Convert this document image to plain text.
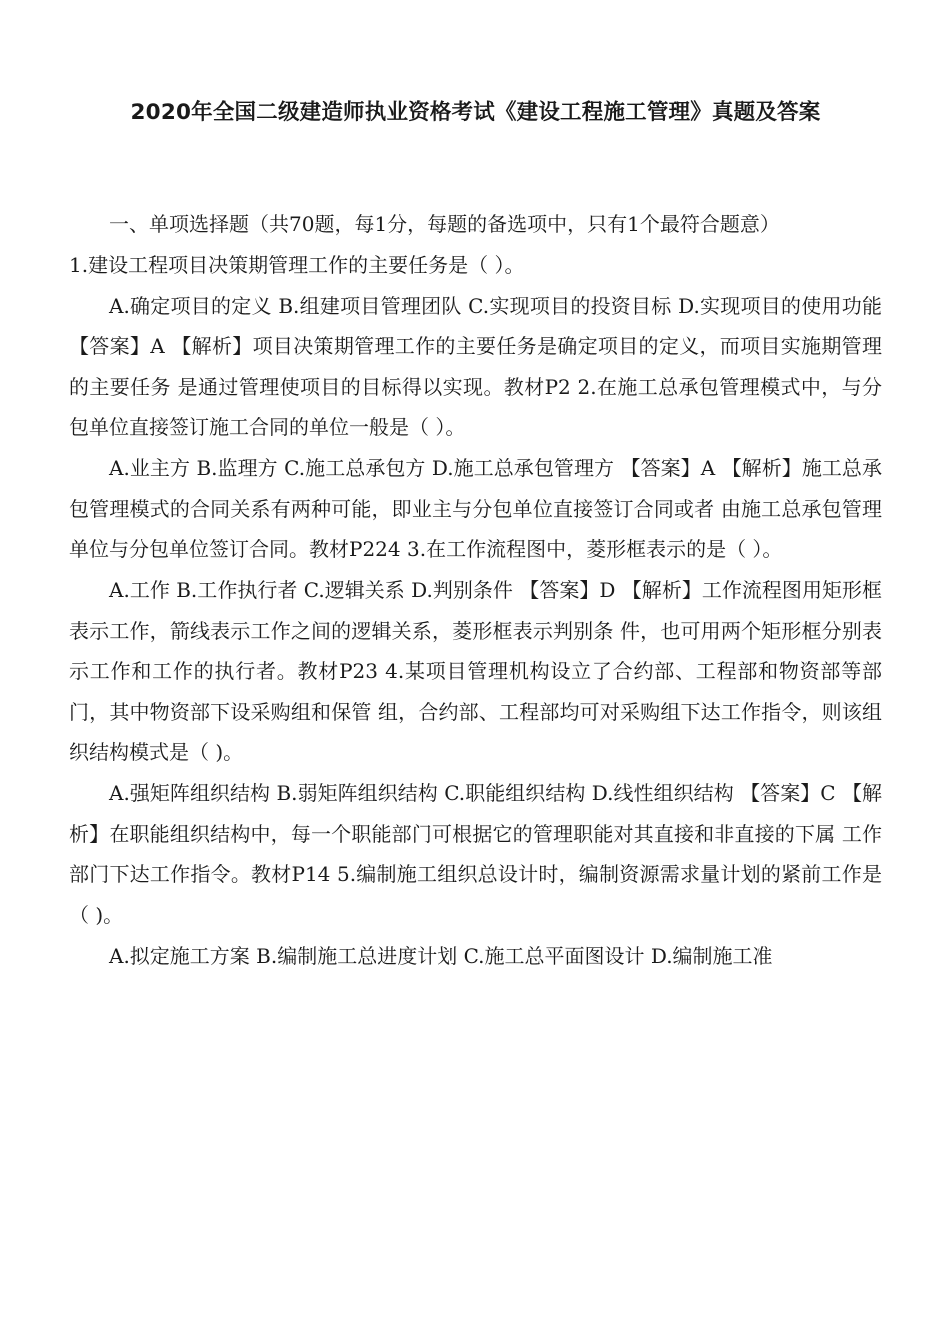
2020年全国二级建造师执业资格考试《建设工程施工管理》真题及答案

一、单项选择题（共70题，每1分，每题的备选项中，只有1个最符合题意）

1.建设工程项目决策期管理工作的主要任务是（ ）。

A.确定项目的定义 B.组建项目管理团队 C.实现项目的投资目标 D.实现项目的使用功能 【答案】A 【解析】项目决策期管理工作的主要任务是确定项目的定义，而项目实施期管理的主要任务 是通过管理使项目的目标得以实现。教材P2 2.在施工总承包管理模式中，与分包单位直接签订施工合同的单位一般是（ ）。

A.业主方 B.监理方 C.施工总承包方 D.施工总承包管理方 【答案】A 【解析】施工总承包管理模式的合同关系有两种可能，即业主与分包单位直接签订合同或者 由施工总承包管理单位与分包单位签订合同。教材P224 3.在工作流程图中，菱形框表示的是（ ）。

A.工作 B.工作执行者 C.逻辑关系 D.判别条件 【答案】D 【解析】工作流程图用矩形框表示工作，箭线表示工作之间的逻辑关系，菱形框表示判别条 件，也可用两个矩形框分别表示工作和工作的执行者。教材P23 4.某项目管理机构设立了合约部、工程部和物资部等部门，其中物资部下设采购组和保管 组，合约部、工程部均可对采购组下达工作指令，则该组织结构模式是（ )。

A.强矩阵组织结构 B.弱矩阵组织结构 C.职能组织结构 D.线性组织结构 【答案】C 【解析】在职能组织结构中，每一个职能部门可根据它的管理职能对其直接和非直接的下属 工作部门下达工作指令。教材P14 5.编制施工组织总设计时，编制资源需求量计划的紧前工作是（ )。

A.拟定施工方案 B.编制施工总进度计划 C.施工总平面图设计 D.编制施工准
